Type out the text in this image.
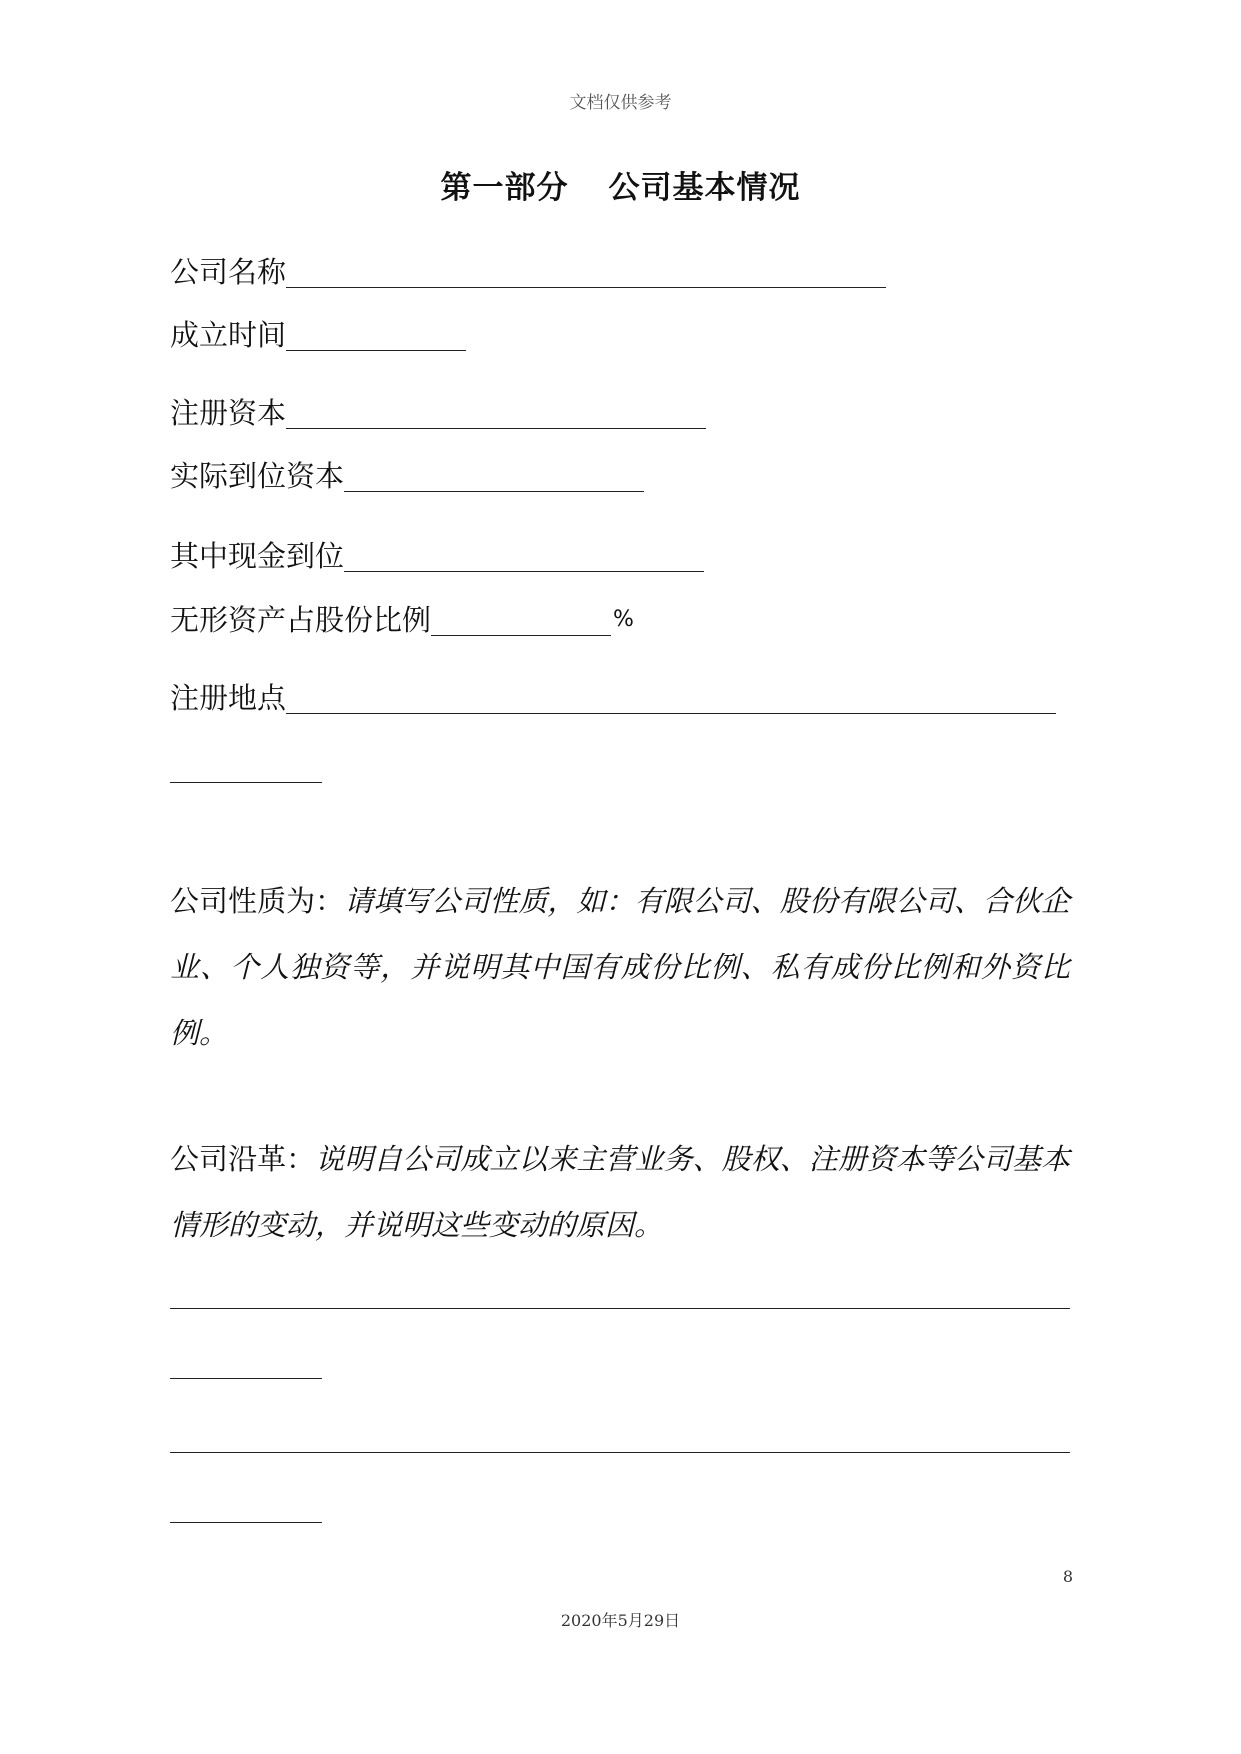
文档仅供参考
第一部分 公司基本情况
公司名称
成立时间
注册资本
实际到位资本
其中现金到位
无形资产占股份比例	%
注册地点
公司性质为：请填写公司性质，如：有限公司、股份有限公司、合伙企业、个人独资等，并说明其中国有成份比例、私有成份比例和外资比例。
公司沿革：说明自公司成立以来主营业务、股权、注册资本等公司基本情形的变动，并说明这些变动的原因。
8
2020年5月29日
